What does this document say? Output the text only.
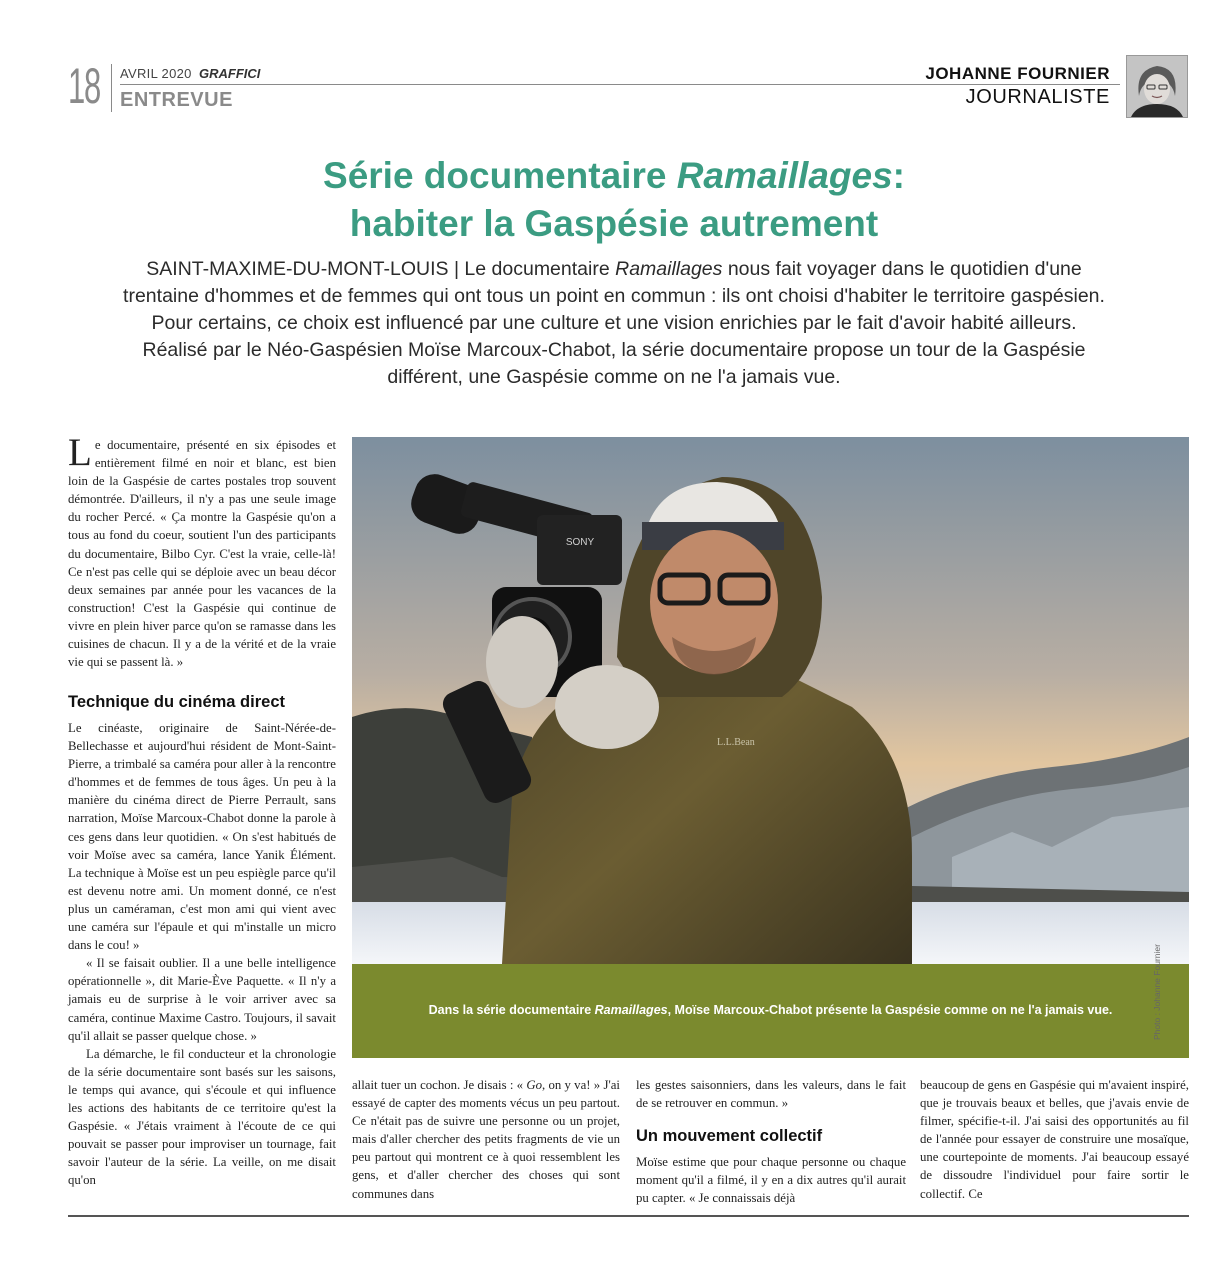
18 AVRIL 2020 GRAFFICI
ENTREVUE
JOHANNE FOURNIER
JOURNALISTE
Série documentaire Ramaillages:
habiter la Gaspésie autrement
SAINT-MAXIME-DU-MONT-LOUIS | Le documentaire Ramaillages nous fait voyager dans le quotidien d'une trentaine d'hommes et de femmes qui ont tous un point en commun : ils ont choisi d'habiter le territoire gaspésien. Pour certains, ce choix est influencé par une culture et une vision enrichies par le fait d'avoir habité ailleurs. Réalisé par le Néo-Gaspésien Moïse Marcoux-Chabot, la série documentaire propose un tour de la Gaspésie différent, une Gaspésie comme on ne l'a jamais vue.

Le documentaire, présenté en six épisodes et entièrement filmé en noir et blanc, est bien loin de la Gaspésie de cartes postales trop souvent démontrée. D'ailleurs, il n'y a pas une seule image du rocher Percé. « Ça montre la Gaspésie qu'on a tous au fond du coeur, soutient l'un des participants du documentaire, Bilbo Cyr. C'est la vraie, celle-là! Ce n'est pas celle qui se déploie avec un beau décor deux semaines par année pour les vacances de la construction! C'est la Gaspésie qui continue de vivre en plein hiver parce qu'on se ramasse dans les cuisines de chacun. Il y a de la vérité et de la vraie vie qui se passent là. »

Technique du cinéma direct

Le cinéaste, originaire de Saint-Nérée-de-Bellechasse et aujourd'hui résident de Mont-Saint-Pierre, a trimbalé sa caméra pour aller à la rencontre d'hommes et de femmes de tous âges. Un peu à la manière du cinéma direct de Pierre Perrault, sans narration, Moïse Marcoux-Chabot donne la parole à ces gens dans leur quotidien. « On s'est habitués de voir Moïse avec sa caméra, lance Yanik Élément. La technique à Moïse est un peu espiègle parce qu'il est devenu notre ami. Un moment donné, ce n'est plus un caméraman, c'est mon ami qui vient avec une caméra sur l'épaule et qui m'installe un micro dans le cou! »

« Il se faisait oublier. Il a une belle intelligence opérationnelle », dit Marie-Ève Paquette. « Il n'y a jamais eu de surprise à le voir arriver avec sa caméra, continue Maxime Castro. Toujours, il savait qu'il allait se passer quelque chose. »

La démarche, le fil conducteur et la chronologie de la série documentaire sont basés sur les saisons, le temps qui avance, qui s'écoule et qui influence les actions des habitants de ce territoire qu'est la Gaspésie. « J'étais vraiment à l'écoute de ce qui pouvait se passer pour improviser un tournage, fait savoir l'auteur de la série. La veille, on me disait qu'on

SONY
L.L.Bean
Dans la série documentaire Ramaillages, Moïse Marcoux-Chabot présente la Gaspésie comme on ne l'a jamais vue.	Photo : Johanne Fournier

allait tuer un cochon. Je disais : « Go, on y va! » J'ai essayé de capter des moments vécus un peu partout. Ce n'était pas de suivre une personne ou un projet, mais d'aller chercher des petits fragments de vie un peu partout qui montrent ce à quoi ressemblent les gens, et d'aller chercher des choses qui sont communes dans

les gestes saisonniers, dans les valeurs, dans le fait de se retrouver en commun. »

Un mouvement collectif

Moïse estime que pour chaque personne ou chaque moment qu'il a filmé, il y en a dix autres qu'il aurait pu capter. « Je connaissais déjà

beaucoup de gens en Gaspésie qui m'avaient inspiré, que je trouvais beaux et belles, que j'avais envie de filmer, spécifie-t-il. J'ai saisi des opportunités au fil de l'année pour essayer de construire une mosaïque, une courtepointe de moments. J'ai beaucoup essayé de dissoudre l'individuel pour faire sortir le collectif. Ce
